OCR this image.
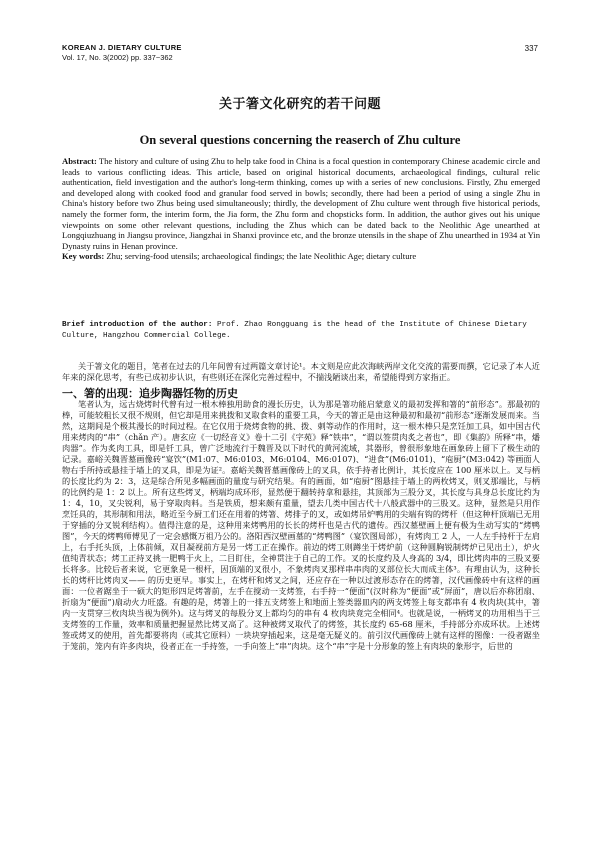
KOREAN J. DIETARY CULTURE
Vol. 17, No. 3(2002) pp. 337~362
337
关于箸文化研究的若干问题
On several questions concerning the reaserch of Zhu culture
Abstract: The history and culture of using Zhu to help take food in China is a focal question in contemporary Chinese academic circle and leads to various conflicting ideas. This article, based on original historical documents, archaeological findings, cultural relic authentication, field investigation and the author's long-term thinking, comes up with a series of new conclusions. Firstly, Zhu emerged and developed along with cooked food and granular food served in bowls; secondly, there had been a period of using a single Zhu in China's history before two Zhus being used simultaneously; thirdly, the development of Zhu culture went through five historical periods, namely the former form, the interim form, the Jia form, the Zhu form and chopsticks form. In addition, the author gives out his unique viewpoints on some other relevant questions, including the Zhus which can be dated back to the Neolithic Age unearthed at Longqiuzhuang in Jiangsu province, Jiangzhai in Shanxi province etc, and the bronze utensils in the shape of Zhu unearthed in 1934 at Yin Dynasty ruins in Henan province.
Key words: Zhu; serving-food utensils; archaeological findings; the late Neolithic Age; dietary culture
Brief introduction of the author: Prof. Zhao Rongguang is the head of the Institute of Chinese Dietary Culture, Hangzhou Commercial College.
关于箸文化的题目，笔者在过去的几年间曾有过两篇文章讨论¹。本文则是应此次海峡两岸文化交流的需要而撰，它记录了本人近年来的深化思考，有些已成初步认识，有些则还在深化完善过程中，不揣浅陋谈出来，希望能得到方家指正。
一、箸的出现：追步陶器饪物的历史
笔者认为，远古烧烤时代曾有过一根木棒独用助食的漫长历史，认为那是箸功能启蒙意义的最初发挥和箸的“前形态”。那最初的棒，可能较粗长又很不规则，但它却是用来挑拨和叉取食料的重要工具，今天的箸正是由这种最初和最初“前形态”逐渐发展而来。当然，这期间是个极其漫长的时间过程。在它仅用于烧烤食物的挑、拨、刺等动作的作用时，这一根木棒只是烹饪加工具，如中国古代用来烤肉的“串”（chǎn 产）。唐玄应《一切经音义》卷十二引《字苑》释“铁串”，“谓以签贯肉炙之者也”，即《集韵》所释“串，燔肉器”。作为炙肉工具，即是钎工具，曾广泛地流行于魏晋及以下时代的黄河流域，其器形，曾很形象地在画象砖上留下了极生动的记录。嘉峪关魏晋墓画像砖“宴饮”(M1:07、M6:0103、M6:0104、M6:0107)、“进食”(M6:0101)、“庖厨”(M3:042) 等画面人物右手所持或悬挂于墙上的叉具，即是为证²。嘉峪关魏晋墓画像砖上的叉具，依手持者比例计，其长度应在 100 厘米以上。叉与柄的长度比约为 2：3，这是综合所见多幅画面的量度与研究结果。有的画面，如“庖厨”图悬挂于墙上的两枚烤叉，则叉那端比，与柄的比例约是 1：2 以上。所有这些烤叉，柄端均成环形，显然便于翻转持拿和悬挂，其顶部为三股分叉，其长度与具身总长度比约为 1：4，10，叉尖锐利，易于穿取肉料。当是铁质，想来颇有重量，望去几类中国古代十八般武器中的三股叉。这种，显然是只用作烹饪具的，其形制和用法，略近至今厨工们还在用着的烤箸、烤排子的叉，或如烤吊炉鸭用的尖端有钩的烤杆（但这种杆顶端已无用于穿插的分叉锐利结构）。值得注意的是，这种用来烤鸭用的长长的烤杆也是古代的遗传。西汉墓壁画上便有极为生动写实的“烤鸭图”，今天的烤鸭师傅见了一定会感慨万祖乃公的。洛阳西汉壁画墓的“烤鸭图”（宴饮图局部），有烤肉工 2 人，一人左手持杆于左肩上，右手托头顶，上体前倾，双目凝视前方是另一烤工正在操作。前边的烤工则蹲坐于烤炉前（这种圆胸锐制烤炉已见出土），炉火值纯青状态；烤工正持叉挑一肥鸭于火上，二目盯住，全神贯注于自己的工作。叉的长度约及人身高的 3/4，即比烤肉串的三股叉要长将多。比较后者来说，它更象是一根杆，因顶端的叉很小，不象烤肉叉那样串串肉的叉部位长大而成主体³。有理由认为，这种长长的烤杆比烤肉叉—— 的历史更早。事实上，在烤杆和烤叉之间，还应存在一种以过渡形态存在的烤箸，汉代画像砖中有这样的画面：一位者踞坐于一硕大的矩形四足烤箸前，左手在搅动一支烤签，右手持一“便面”(汉时称为“便面”或“屏面”，唐以后亦称团扇、折扇为“便面”)扇动火力旺盛。有趣的是，烤箸上的一排五支烤签上和地面上签类器皿内的两支烤签上每支都串有 4 枚肉块(其中，箸内一支贯穿三枚肉块当视为例外)。这与烤叉的每股分叉上都均匀的串有 4 枚肉块竟完全相同⁴。也就是说，一柄烤叉的功用相当于三支烤签的工作量，效率和质量把握显然比烤叉高了。这种被烤叉取代了的烤签，其长度约 65-68 厘米，手持部分亦成环状。上述烤签或烤叉的使用，首先都要将肉（或其它原料）一块块穿插起来，这是毫无疑义的。前引汉代画像砖上就有这样的图像：一役者踞坐于笼前，笼内有许多肉块，役者正在一手持签，一手向签上“串”肉块。这个“串”字是十分形象的签上有肉块的象形字，后世的
